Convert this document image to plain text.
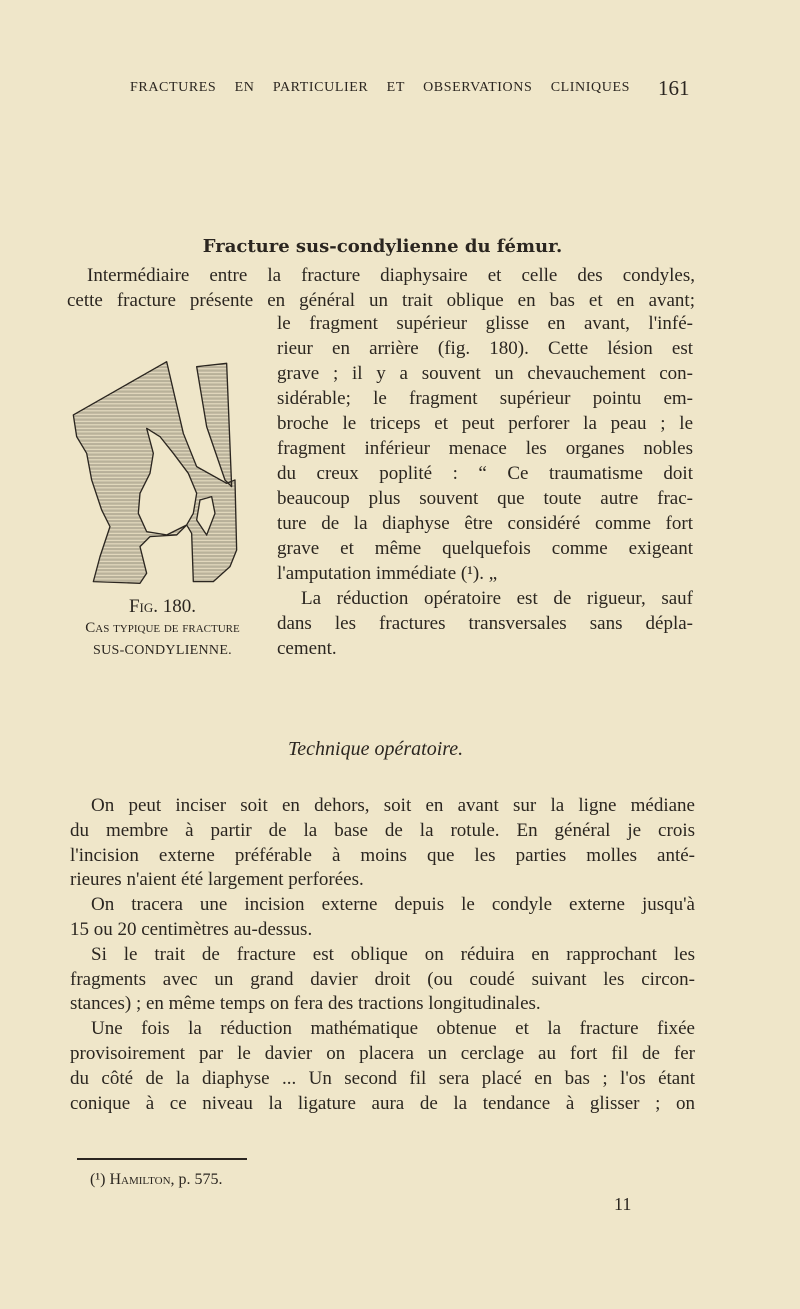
FRACTURES EN PARTICULIER ET OBSERVATIONS CLINIQUES 161
Fracture sus-condylienne du fémur.
Intermédiaire entre la fracture diaphysaire et celle des condyles,
cette fracture présente en général un trait oblique en bas et en avant;
le fragment supérieur glisse en avant, l'infé-
rieur en arrière (fig. 180). Cette lésion est
grave ; il y a souvent un chevauchement con-
sidérable; le fragment supérieur pointu em-
broche le triceps et peut perforer la peau ; le
fragment inférieur menace les organes nobles
du creux poplité : “ Ce traumatisme doit
beaucoup plus souvent que toute autre frac-
ture de la diaphyse être considéré comme fort
grave et même quelquefois comme exigeant
l'amputation immédiate (¹). „
La réduction opératoire est de rigueur, sauf
dans les fractures transversales sans dépla-
cement.
Fig. 180.
Cas typique de fracture
SUS-CONDYLIENNE.
Technique opératoire.
On peut inciser soit en dehors, soit en avant sur la ligne médiane
du membre à partir de la base de la rotule. En général je crois
l'incision externe préférable à moins que les parties molles anté-
rieures n'aient été largement perforées.
On tracera une incision externe depuis le condyle externe jusqu'à
15 ou 20 centimètres au-dessus.
Si le trait de fracture est oblique on réduira en rapprochant les
fragments avec un grand davier droit (ou coudé suivant les circon-
stances) ; en même temps on fera des tractions longitudinales.
Une fois la réduction mathématique obtenue et la fracture fixée
provisoirement par le davier on placera un cerclage au fort fil de fer
du côté de la diaphyse ... Un second fil sera placé en bas ; l'os étant
conique à ce niveau la ligature aura de la tendance à glisser ; on
(¹) Hamilton, p. 575.
11
